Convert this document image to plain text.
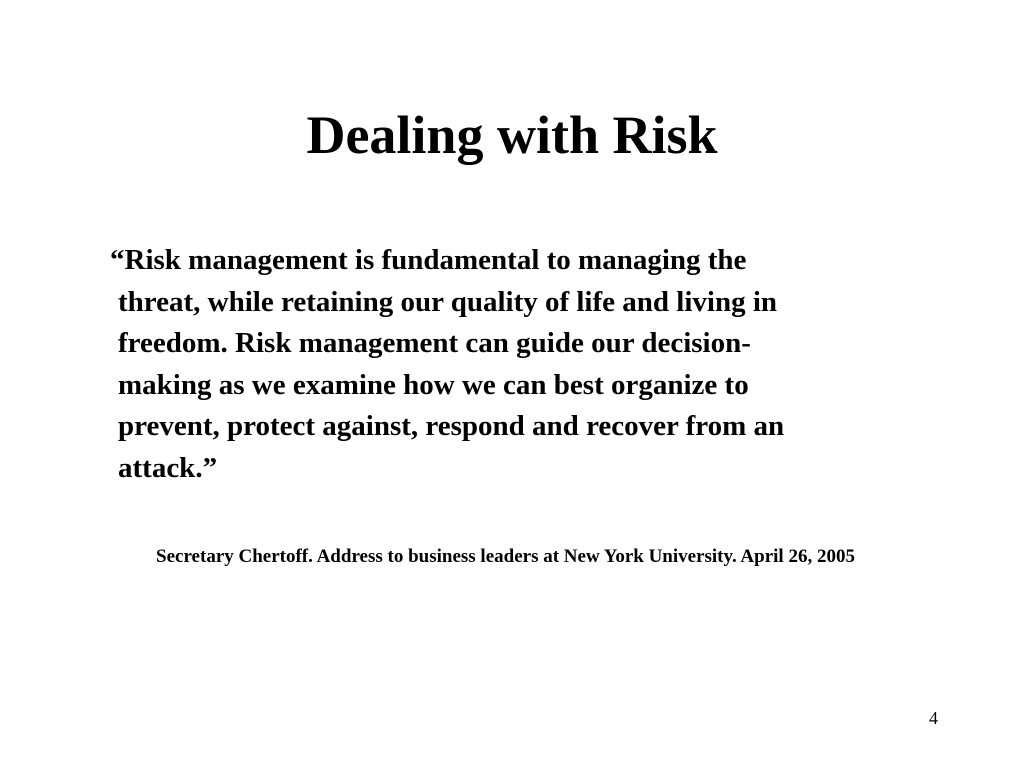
Dealing with Risk
“Risk management is fundamental to managing the
threat, while retaining our quality of life and living in
freedom. Risk management can guide our decision-
making as we examine how we can best organize to
prevent, protect against, respond and recover from an
attack.”

Secretary Chertoff. Address to business leaders at New York University. April 26, 2005

4
